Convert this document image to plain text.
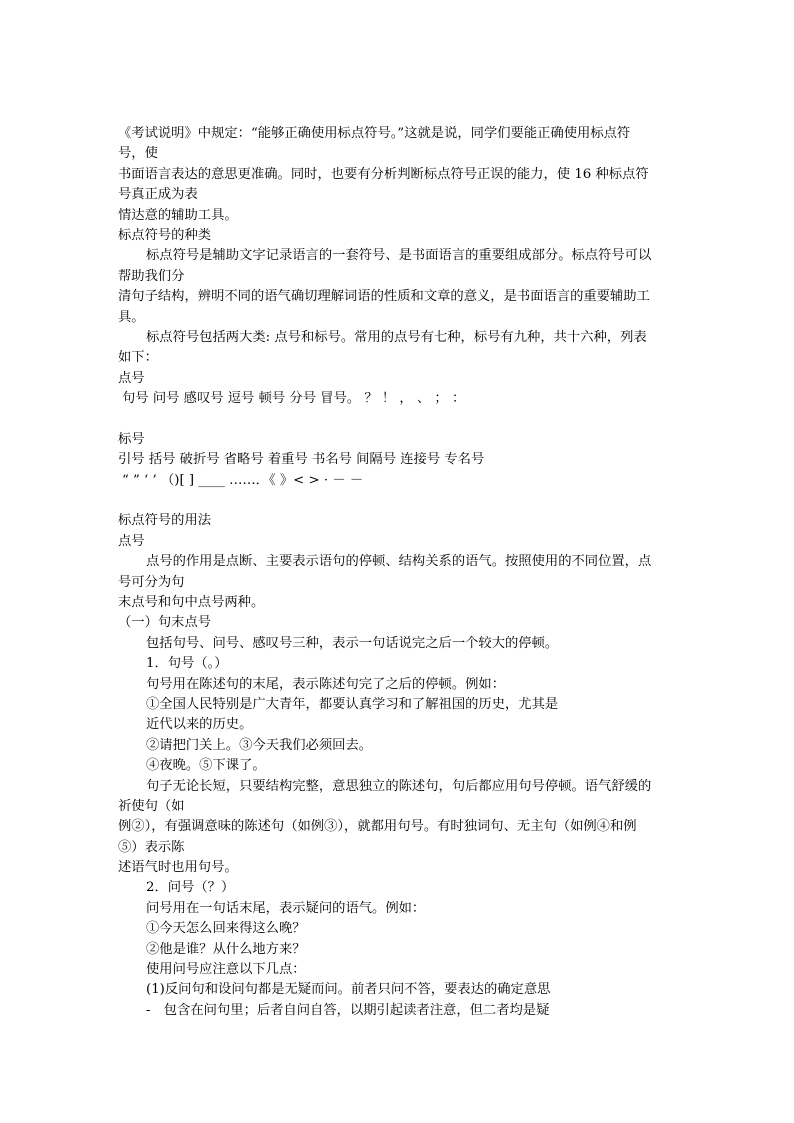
《考试说明》中规定：“能够正确使用标点符号。”这就是说，同学们要能正确使用标点符
号，使
书面语言表达的意思更准确。同时，也要有分析判断标点符号正误的能力，使 16 种标点符
号真正成为表
情达意的辅助工具。
标点符号的种类
标点符号是辅助文字记录语言的一套符号、是书面语言的重要组成部分。标点符号可以
帮助我们分
清句子结构，辨明不同的语气确切理解词语的性质和文章的意义，是书面语言的重要辅助工
具。
标点符号包括两大类: 点号和标号。常用的点号有七种，标号有九种，共十六种，列表
如下：
点号
句号 问号 感叹号 逗号 顿号 分号 冒号。 ？ ！ ， 、 ； ：
标号
引号 括号 破折号 省略号 着重号 书名号 间隔号 连接号 专名号
“ ” ‘ ’ （)[ ] ____ ……．《 》< > · － －
标点符号的用法
点号
点号的作用是点断、主要表示语句的停顿、结构关系的语气。按照使用的不同位置，点
号可分为句
末点号和句中点号两种。
（一）句末点号
包括句号、问号、感叹号三种，表示一句话说完之后一个较大的停顿。
1．句号（。）
句号用在陈述句的末尾，表示陈述句完了之后的停顿。例如：
①全国人民特别是广大青年，都要认真学习和了解祖国的历史，尤其是
近代以来的历史。
②请把门关上。③今天我们必须回去。
④夜晚。⑤下课了。
句子无论长短，只要结构完整，意思独立的陈述句，句后都应用句号停顿。语气舒缓的
祈使句（如
例②），有强调意味的陈述句（如例③），就都用句号。有时独词句、无主句（如例④和例
⑤）表示陈
述语气时也用句号。
2．问号（？）
问号用在一句话末尾，表示疑问的语气。例如：
①今天怎么回来得这么晚？
②他是谁？从什么地方来？
使用问号应注意以下几点：
(1)反问句和设问句都是无疑而问。前者只问不答，要表达的确定意思
-　包含在问句里；后者自问自答，以期引起读者注意，但二者均是疑
